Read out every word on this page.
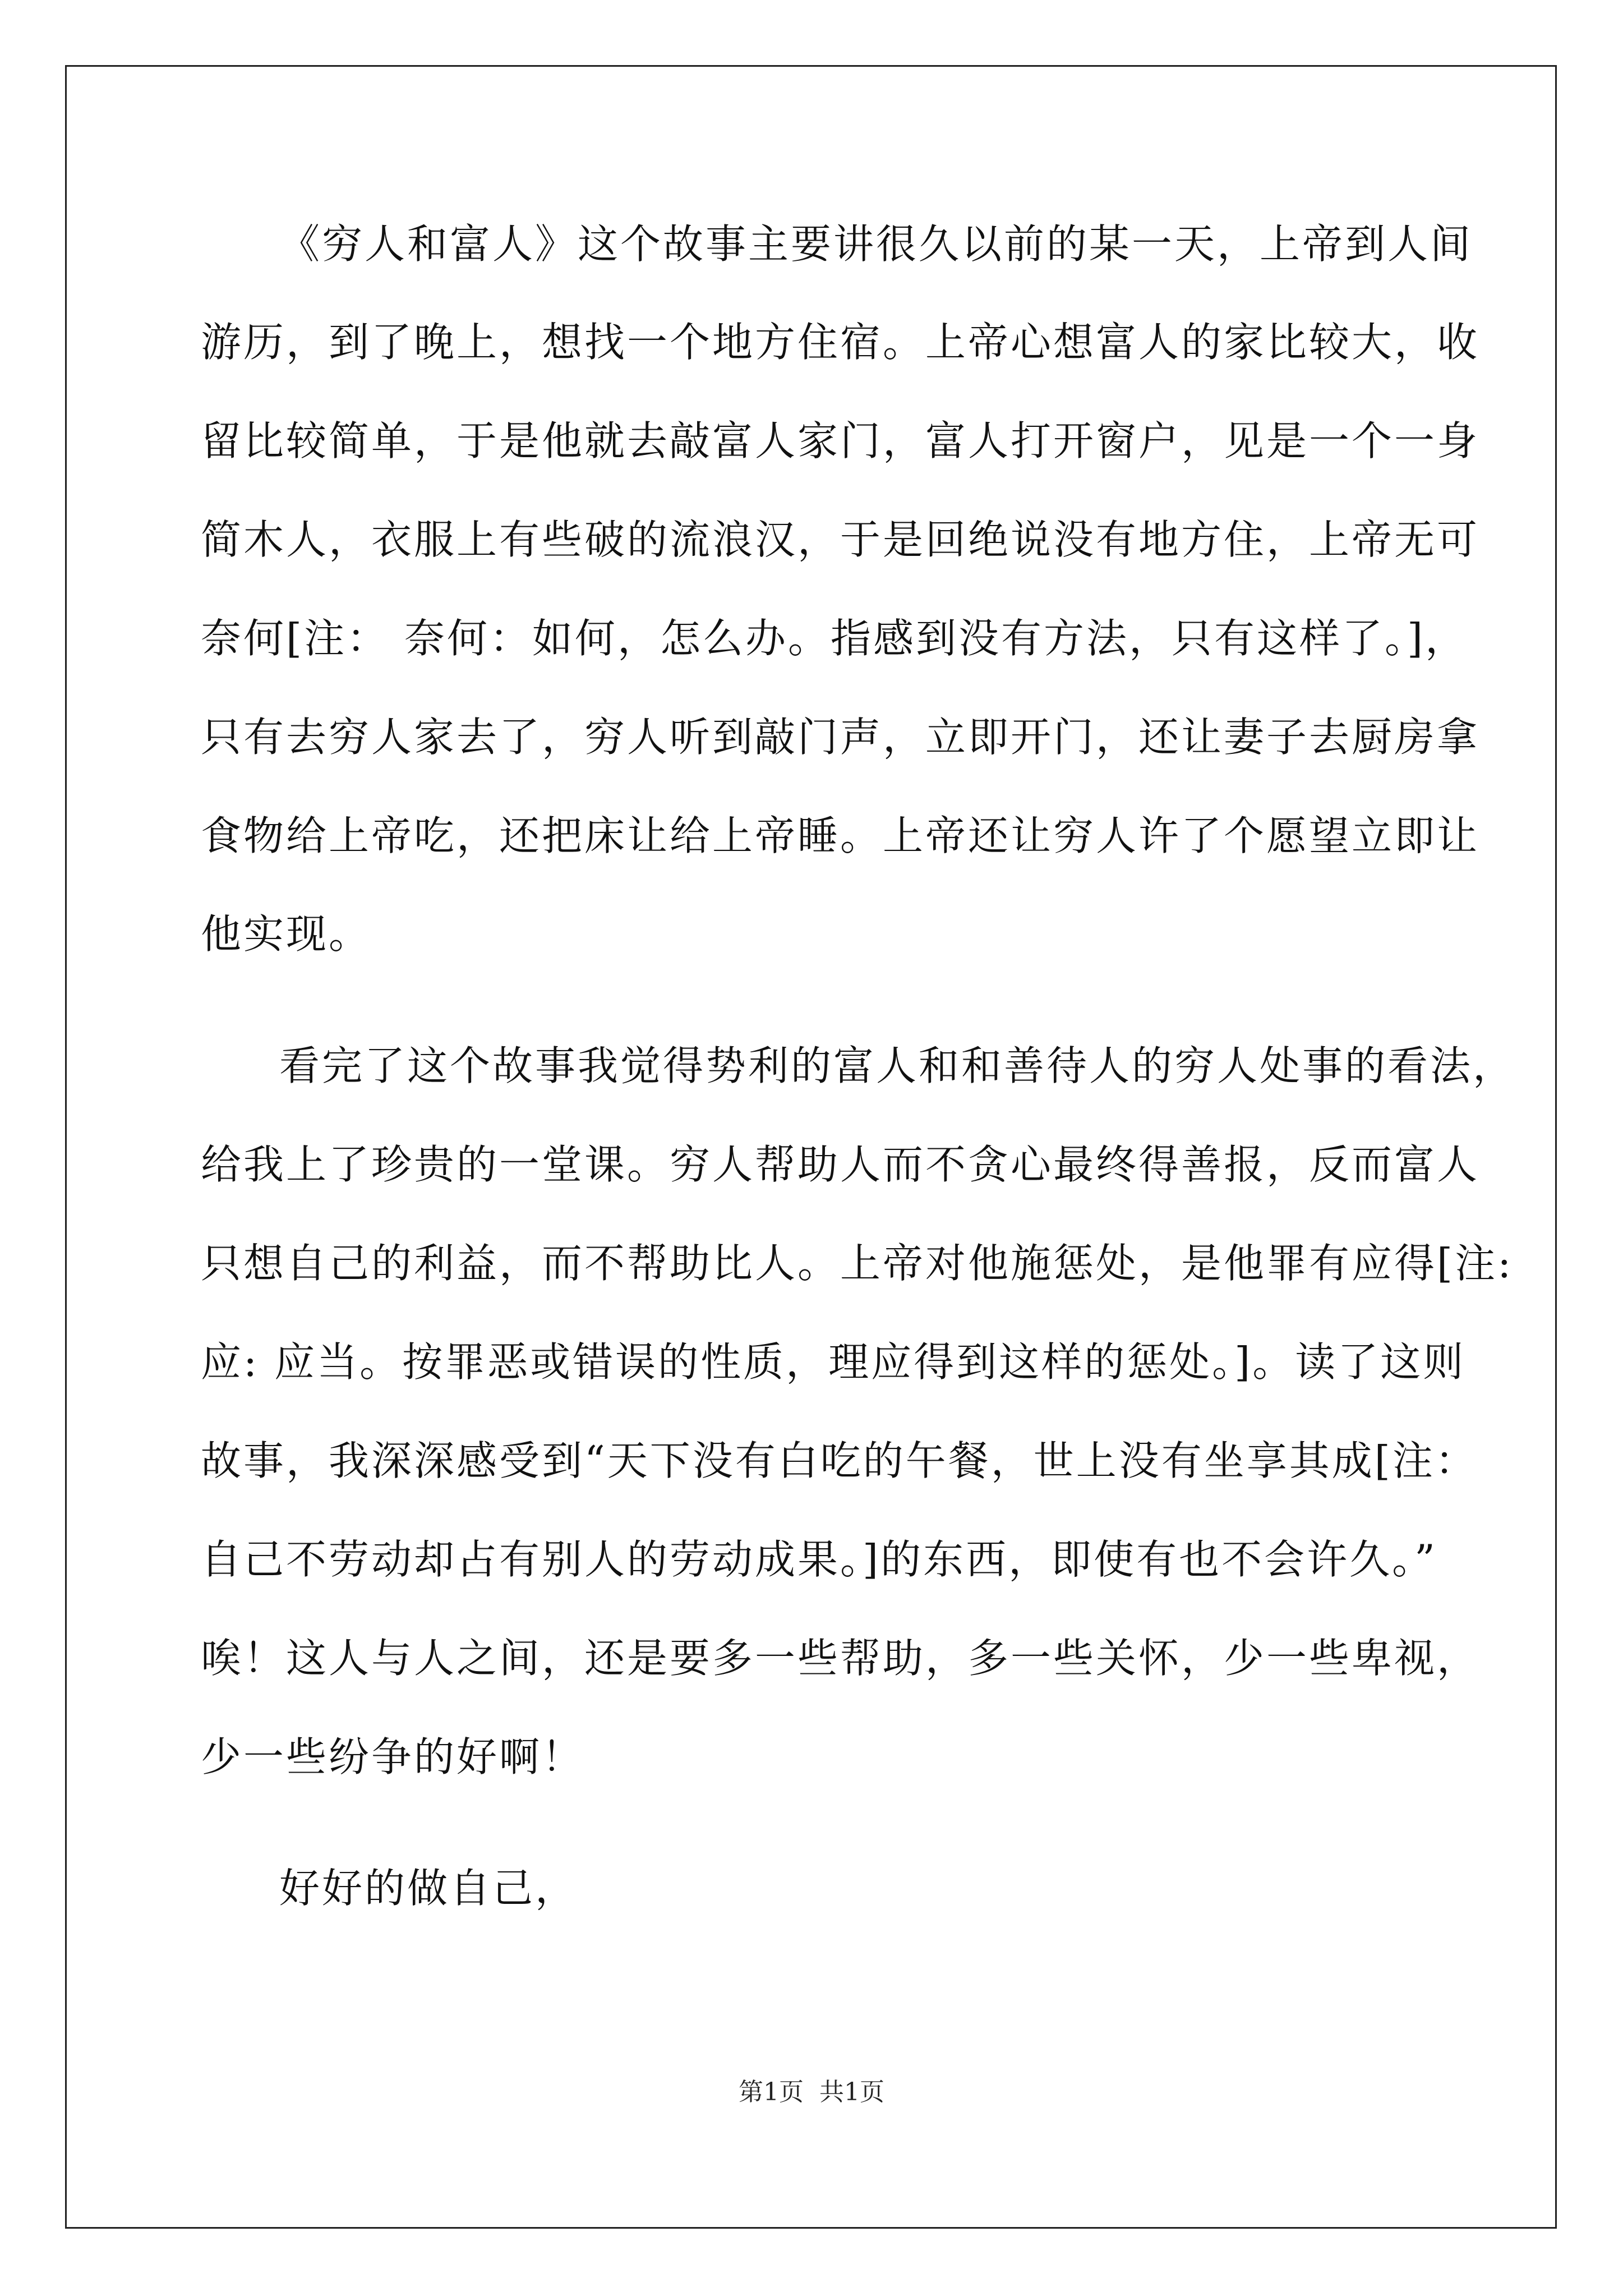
《穷人和富人》这个故事主要讲很久以前的某一天，上帝到人间
游历，到了晚上，想找一个地方住宿。上帝心想富人的家比较大，收
留比较简单，于是他就去敲富人家门，富人打开窗户，见是一个一身
简木人，衣服上有些破的流浪汉，于是回绝说没有地方住，上帝无可
奈何[注： 奈何：如何，怎么办。指感到没有方法，只有这样了。]，
只有去穷人家去了，穷人听到敲门声，立即开门，还让妻子去厨房拿
食物给上帝吃，还把床让给上帝睡。上帝还让穷人许了个愿望立即让
他实现。
看完了这个故事我觉得势利的富人和和善待人的穷人处事的看法，
给我上了珍贵的一堂课。穷人帮助人而不贪心最终得善报，反而富人
只想自己的利益，而不帮助比人。上帝对他施惩处，是他罪有应得[注:
应: 应当。按罪恶或错误的性质，理应得到这样的惩处。]。读了这则
故事，我深深感受到“天下没有白吃的午餐，世上没有坐享其成[注：
自己不劳动却占有别人的劳动成果。]的东西，即使有也不会许久。”
唉！这人与人之间，还是要多一些帮助，多一些关怀，少一些卑视，
少一些纷争的好啊！
好好的做自己，
第1页 共1页
